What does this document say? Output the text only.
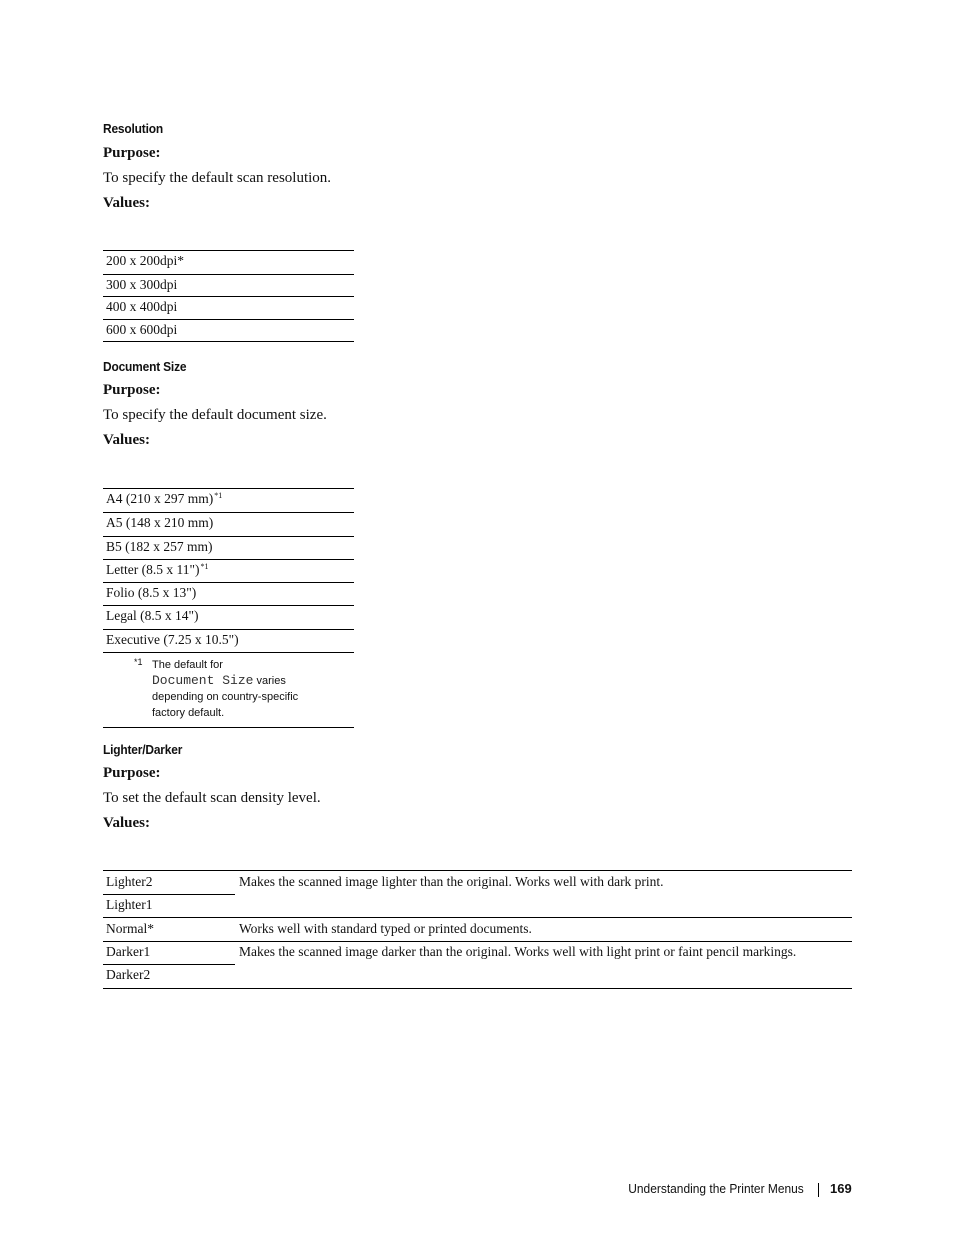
Resolution
Purpose:
To specify the default scan resolution.
Values:
200 x 200dpi*
300 x 300dpi
400 x 400dpi
600 x 600dpi
Document Size
Purpose:
To specify the default document size.
Values:
A4 (210 x 297 mm)$^{*1}$
A5 (148 x 210 mm)
B5 (182 x 257 mm)
Letter (8.5 x 11")$^{*1}$
Folio (8.5 x 13")
Legal (8.5 x 14")
Executive (7.25 x 10.5")
*1 The default for
Document Size varies
depending on country-specific
factory default.
Lighter/Darker
Purpose:
To set the default scan density level.
Values:
Lighter2	Makes the scanned image lighter than the original. Works well with dark print.
Lighter1
Normal*	Works well with standard typed or printed documents.
Darker1	Makes the scanned image darker than the original. Works well with light print or faint pencil markings.
Darker2
Understanding the Printer Menus 169
